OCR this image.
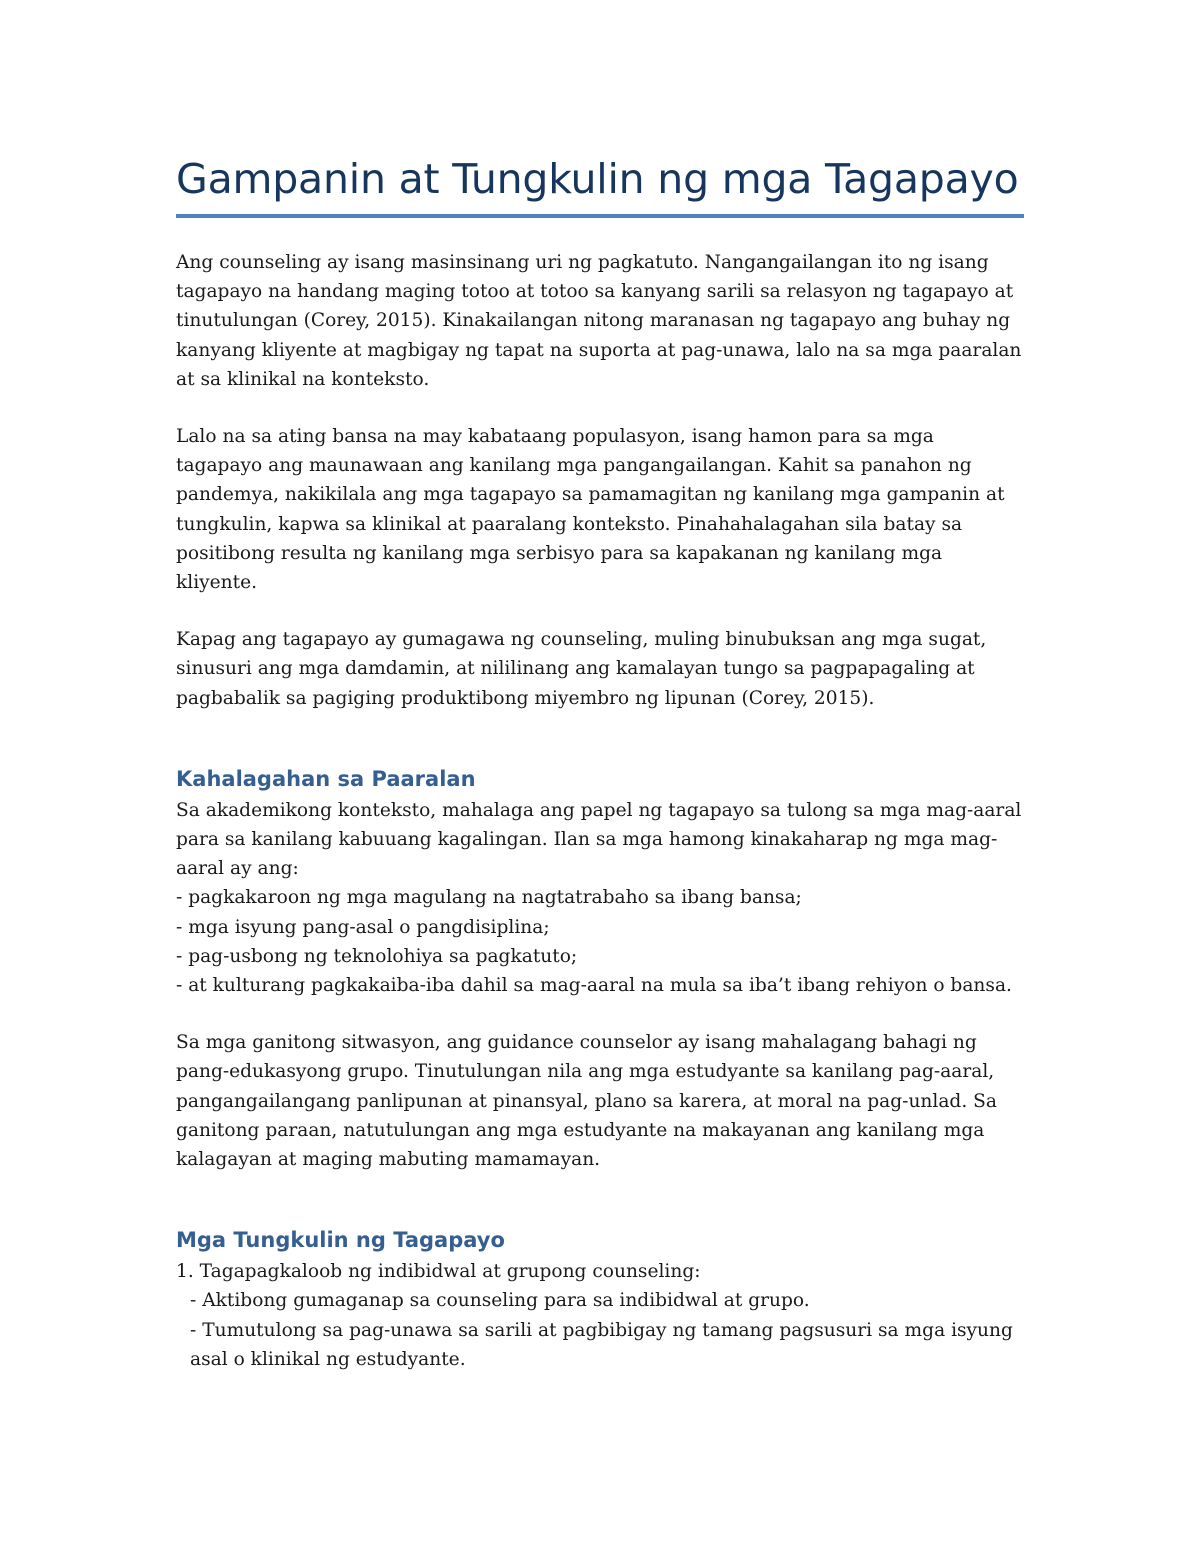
Gampanin at Tungkulin ng mga Tagapayo

Ang counseling ay isang masinsinang uri ng pagkatuto. Nangangailangan ito ng isang tagapayo na handang maging totoo at totoo sa kanyang sarili sa relasyon ng tagapayo at tinutulungan (Corey, 2015). Kinakailangan nitong maranasan ng tagapayo ang buhay ng kanyang kliyente at magbigay ng tapat na suporta at pag-unawa, lalo na sa mga paaralan at sa klinikal na konteksto.

Lalo na sa ating bansa na may kabataang populasyon, isang hamon para sa mga tagapayo ang maunawaan ang kanilang mga pangangailangan. Kahit sa panahon ng pandemya, nakikilala ang mga tagapayo sa pamamagitan ng kanilang mga gampanin at tungkulin, kapwa sa klinikal at paaralang konteksto. Pinahahalagahan sila batay sa positibong resulta ng kanilang mga serbisyo para sa kapakanan ng kanilang mga kliyente.

Kapag ang tagapayo ay gumagawa ng counseling, muling binubuksan ang mga sugat, sinusuri ang mga damdamin, at nililinang ang kamalayan tungo sa pagpapagaling at pagbabalik sa pagiging produktibong miyembro ng lipunan (Corey, 2015).

Kahalagahan sa Paaralan
Sa akademikong konteksto, mahalaga ang papel ng tagapayo sa tulong sa mga mag-aaral para sa kanilang kabuuang kagalingan. Ilan sa mga hamong kinakaharap ng mga mag-aaral ay ang:
- pagkakaroon ng mga magulang na nagtatrabaho sa ibang bansa;
- mga isyung pang-asal o pangdisiplina;
- pag-usbong ng teknolohiya sa pagkatuto;
- at kulturang pagkakaiba-iba dahil sa mag-aaral na mula sa iba’t ibang rehiyon o bansa.

Sa mga ganitong sitwasyon, ang guidance counselor ay isang mahalagang bahagi ng pang-edukasyong grupo. Tinutulungan nila ang mga estudyante sa kanilang pag-aaral, pangangailangang panlipunan at pinansyal, plano sa karera, at moral na pag-unlad. Sa ganitong paraan, natutulungan ang mga estudyante na makayanan ang kanilang mga kalagayan at maging mabuting mamamayan.

Mga Tungkulin ng Tagapayo
1. Tagapagkaloob ng indibidwal at grupong counseling:
- Aktibong gumaganap sa counseling para sa indibidwal at grupo.
- Tumutulong sa pag-unawa sa sarili at pagbibigay ng tamang pagsusuri sa mga isyung asal o klinikal ng estudyante.
